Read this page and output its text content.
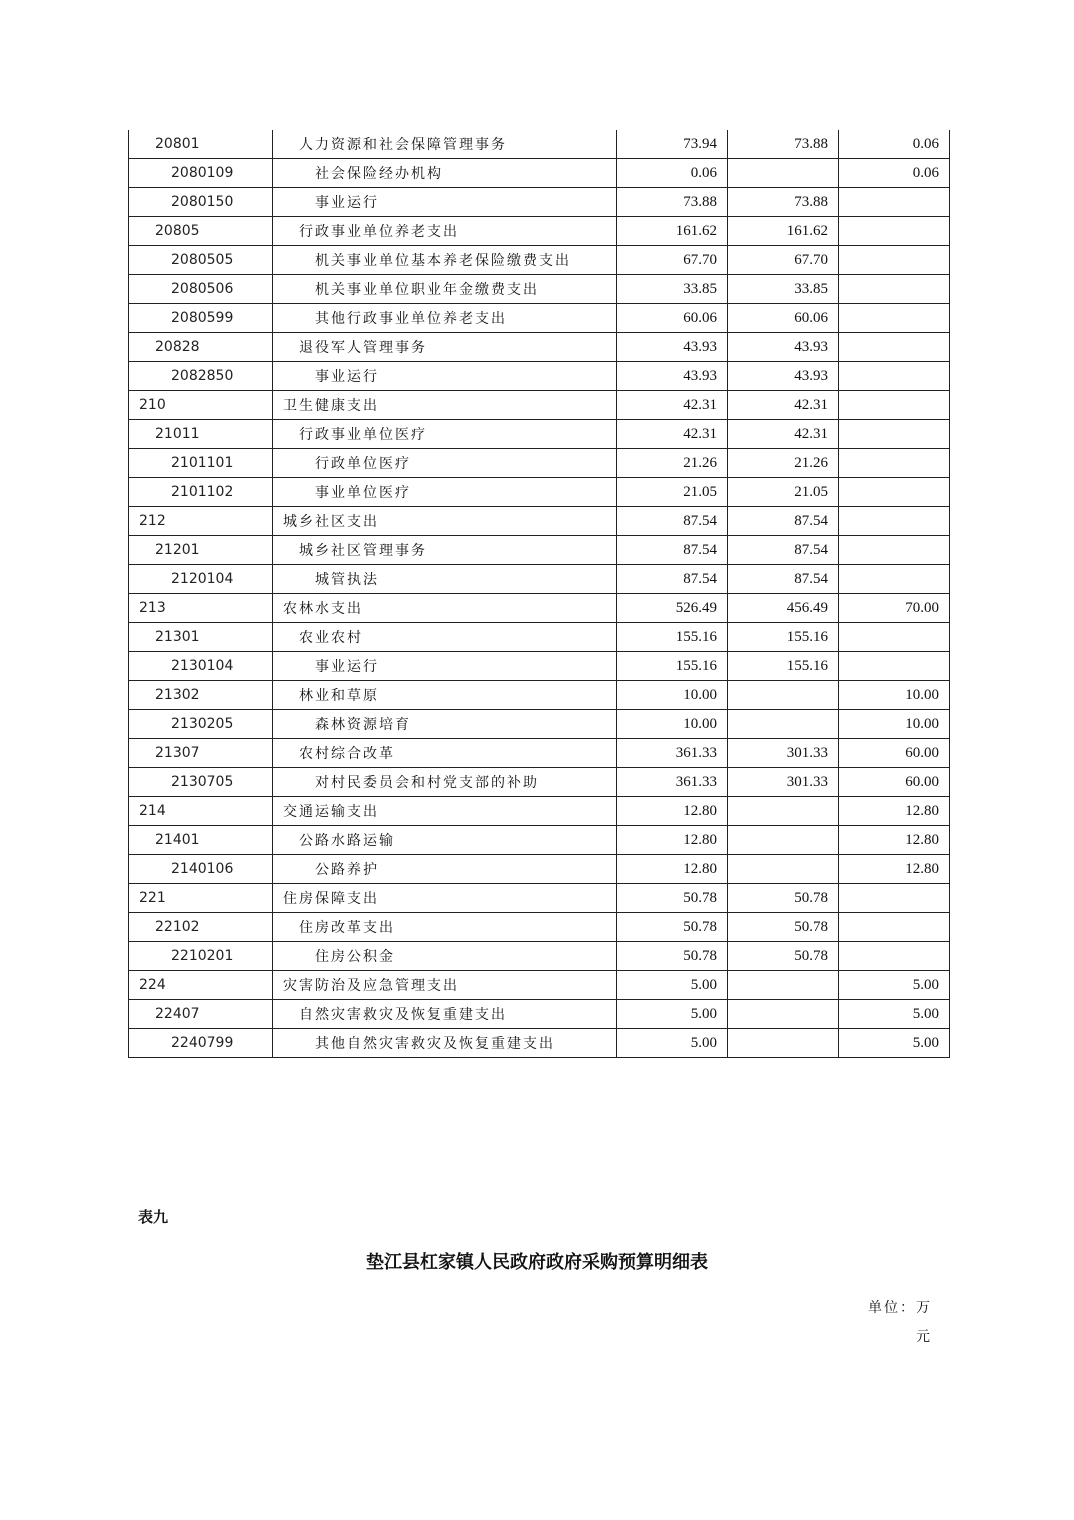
20801	人力资源和社会保障管理事务	73.94	73.88	0.06
2080109	社会保险经办机构	0.06		0.06
2080150	事业运行	73.88	73.88	
20805	行政事业单位养老支出	161.62	161.62	
2080505	机关事业单位基本养老保险缴费支出	67.70	67.70	
2080506	机关事业单位职业年金缴费支出	33.85	33.85	
2080599	其他行政事业单位养老支出	60.06	60.06	
20828	退役军人管理事务	43.93	43.93	
2082850	事业运行	43.93	43.93	
210	卫生健康支出	42.31	42.31	
21011	行政事业单位医疗	42.31	42.31	
2101101	行政单位医疗	21.26	21.26	
2101102	事业单位医疗	21.05	21.05	
212	城乡社区支出	87.54	87.54	
21201	城乡社区管理事务	87.54	87.54	
2120104	城管执法	87.54	87.54	
213	农林水支出	526.49	456.49	70.00
21301	农业农村	155.16	155.16	
2130104	事业运行	155.16	155.16	
21302	林业和草原	10.00		10.00
2130205	森林资源培育	10.00		10.00
21307	农村综合改革	361.33	301.33	60.00
2130705	对村民委员会和村党支部的补助	361.33	301.33	60.00
214	交通运输支出	12.80		12.80
21401	公路水路运输	12.80		12.80
2140106	公路养护	12.80		12.80
221	住房保障支出	50.78	50.78	
22102	住房改革支出	50.78	50.78	
2210201	住房公积金	50.78	50.78	
224	灾害防治及应急管理支出	5.00		5.00
22407	自然灾害救灾及恢复重建支出	5.00		5.00
2240799	其他自然灾害救灾及恢复重建支出	5.00		5.00
表九
垫江县杠家镇人民政府政府采购预算明细表
单位：万元
